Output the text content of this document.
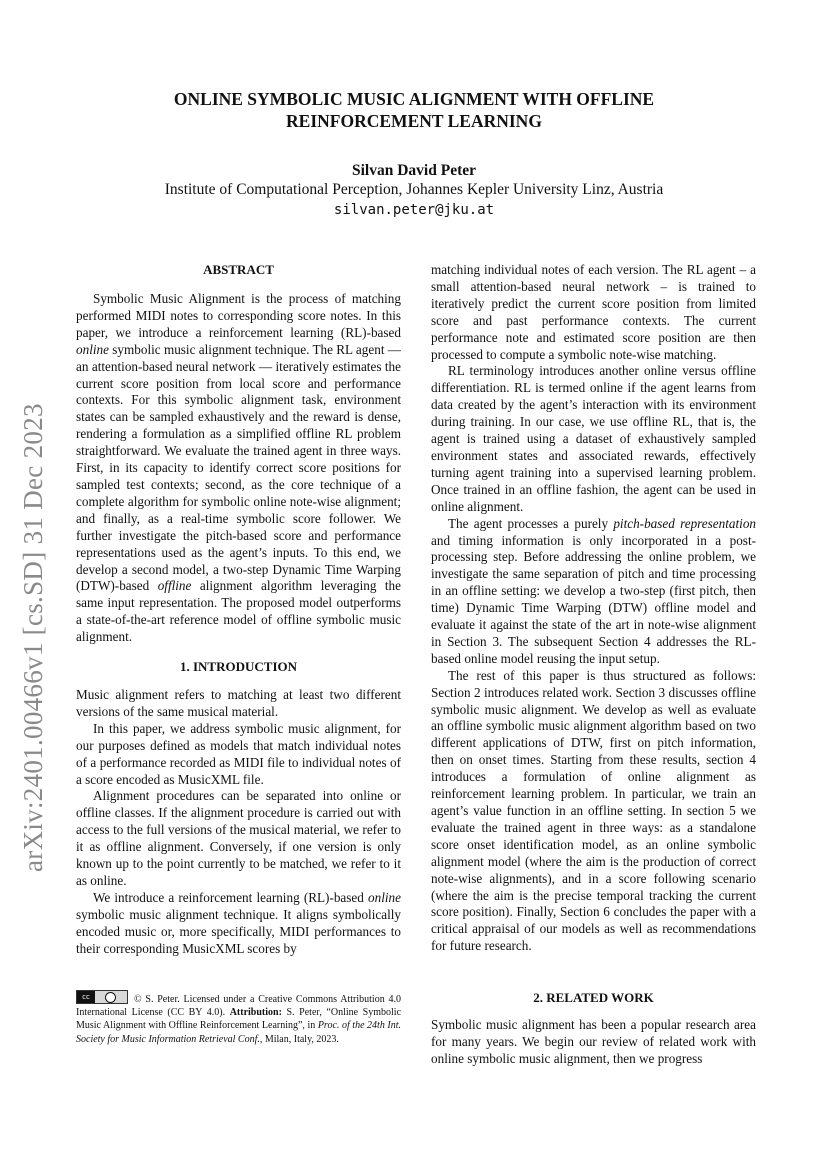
arXiv:2401.00466v1 [cs.SD] 31 Dec 2023
ONLINE SYMBOLIC MUSIC ALIGNMENT WITH OFFLINE
REINFORCEMENT LEARNING
Silvan David Peter
Institute of Computational Perception, Johannes Kepler University Linz, Austria
silvan.peter@jku.at
ABSTRACT

Symbolic Music Alignment is the process of matching performed MIDI notes to corresponding score notes. In this paper, we introduce a reinforcement learning (RL)-based online symbolic music alignment technique. The RL agent — an attention-based neural network — iteratively estimates the current score position from local score and performance contexts. For this symbolic alignment task, environment states can be sampled exhaustively and the reward is dense, rendering a formulation as a simplified offline RL problem straightforward. We evaluate the trained agent in three ways. First, in its capacity to identify correct score positions for sampled test contexts; second, as the core technique of a complete algorithm for symbolic online note-wise alignment; and finally, as a real-time symbolic score follower. We further investigate the pitch-based score and performance representations used as the agent’s inputs. To this end, we develop a second model, a two-step Dynamic Time Warping (DTW)-based offline alignment algorithm leveraging the same input representation. The proposed model outperforms a state-of-the-art reference model of offline symbolic music alignment.

1. INTRODUCTION

Music alignment refers to matching at least two different versions of the same musical material.

In this paper, we address symbolic music alignment, for our purposes defined as models that match individual notes of a performance recorded as MIDI file to individual notes of a score encoded as MusicXML file.

Alignment procedures can be separated into online or offline classes. If the alignment procedure is carried out with access to the full versions of the musical material, we refer to it as offline alignment. Conversely, if one version is only known up to the point currently to be matched, we refer to it as online.

We introduce a reinforcement learning (RL)-based online symbolic music alignment technique. It aligns symbolically encoded music or, more specifically, MIDI performances to their corresponding MusicXML scores by

matching individual notes of each version. The RL agent – a small attention-based neural network – is trained to iteratively predict the current score position from limited score and past performance contexts. The current performance note and estimated score position are then processed to compute a symbolic note-wise matching.

RL terminology introduces another online versus offline differentiation. RL is termed online if the agent learns from data created by the agent’s interaction with its environment during training. In our case, we use offline RL, that is, the agent is trained using a dataset of exhaustively sampled environment states and associated rewards, effectively turning agent training into a supervised learning problem. Once trained in an offline fashion, the agent can be used in online alignment.

The agent processes a purely pitch-based representation and timing information is only incorporated in a post-processing step. Before addressing the online problem, we investigate the same separation of pitch and time processing in an offline setting: we develop a two-step (first pitch, then time) Dynamic Time Warping (DTW) offline model and evaluate it against the state of the art in note-wise alignment in Section 3. The subsequent Section 4 addresses the RL-based online model reusing the input setup.

The rest of this paper is thus structured as follows: Section 2 introduces related work. Section 3 discusses offline symbolic music alignment. We develop as well as evaluate an offline symbolic music alignment algorithm based on two different applications of DTW, first on pitch information, then on onset times. Starting from these results, section 4 introduces a formulation of online alignment as reinforcement learning problem. In particular, we train an agent’s value function in an offline setting. In section 5 we evaluate the trained agent in three ways: as a standalone score onset identification model, as an online symbolic alignment model (where the aim is the production of correct note-wise alignments), and in a score following scenario (where the aim is the precise temporal tracking the current score position). Finally, Section 6 concludes the paper with a critical appraisal of our models as well as recommendations for future research.

cc	© S. Peter. Licensed under a Creative Commons Attribution 4.0 International License (CC BY 4.0). Attribution: S. Peter, “Online Symbolic Music Alignment with Offline Reinforcement Learning”, in Proc. of the 24th Int. Society for Music Information Retrieval Conf., Milan, Italy, 2023.
2. RELATED WORK

Symbolic music alignment has been a popular research area for many years. We begin our review of related work with online symbolic music alignment, then we progress
